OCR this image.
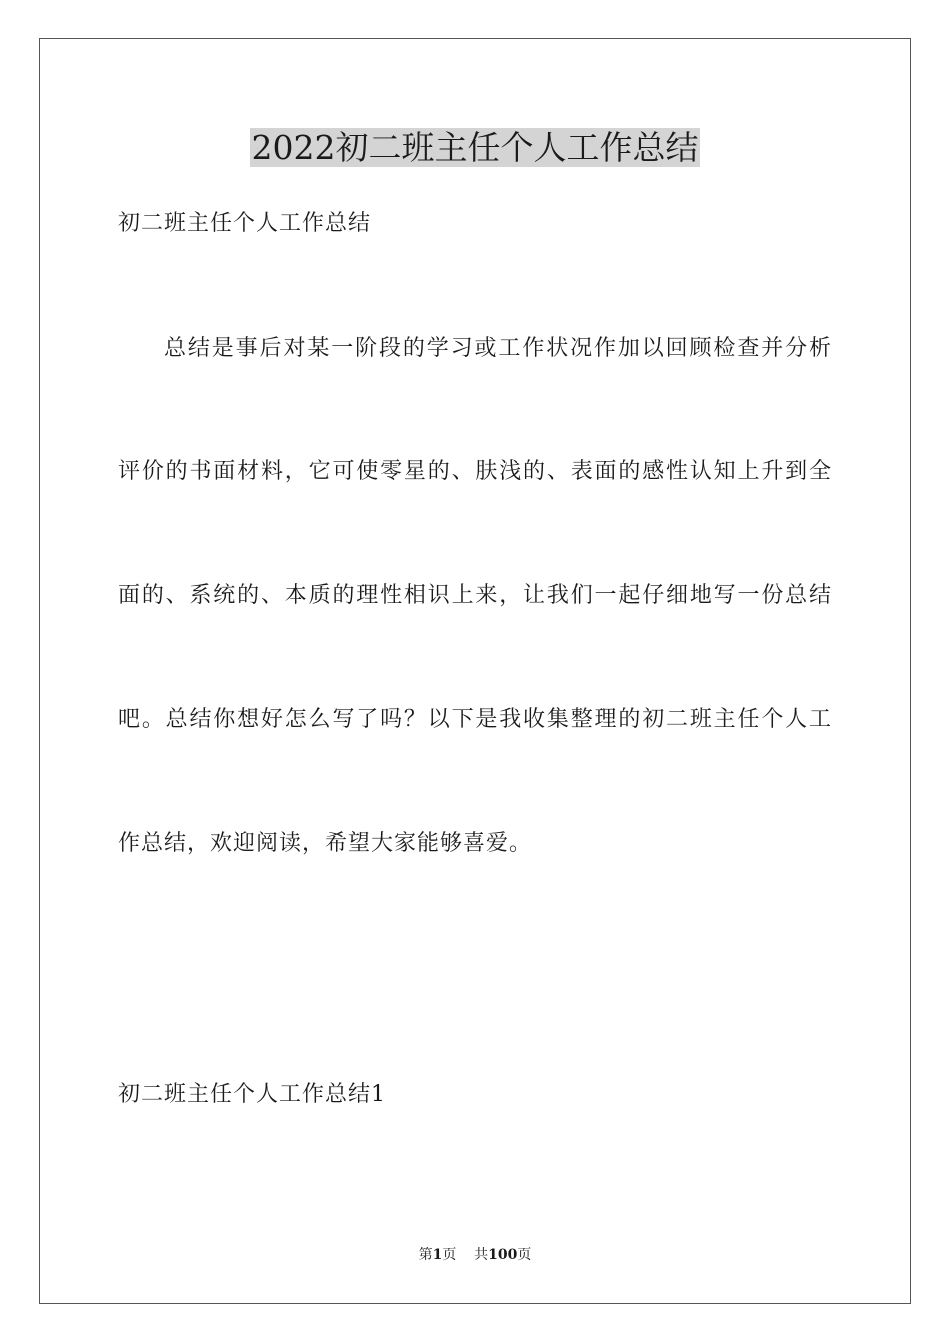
2022初二班主任个人工作总结
初二班主任个人工作总结
总结是事后对某一阶段的学习或工作状况作加以回顾检查并分析
评价的书面材料，它可使零星的、肤浅的、表面的感性认知上升到全
面的、系统的、本质的理性相识上来，让我们一起仔细地写一份总结
吧。总结你想好怎么写了吗？以下是我收集整理的初二班主任个人工
作总结，欢迎阅读，希望大家能够喜爱。
初二班主任个人工作总结1
第1页 共100页
